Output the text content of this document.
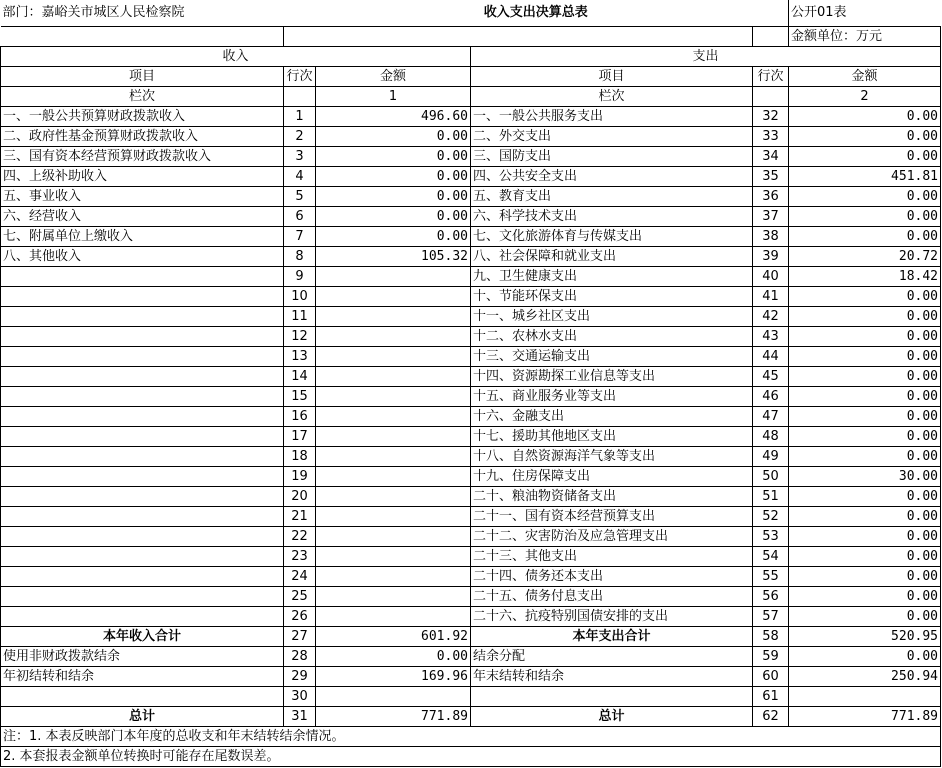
部门：嘉峪关市城区人民检察院	收入支出决算总表				公开01表
					金额单位：万元
收入			支出		
项目	行次	金额	项目	行次	金额
栏次		1	栏次		2
一、一般公共预算财政拨款收入	1	496.60	一、一般公共服务支出	32	0.00
二、政府性基金预算财政拨款收入	2	0.00	二、外交支出	33	0.00
三、国有资本经营预算财政拨款收入	3	0.00	三、国防支出	34	0.00
四、上级补助收入	4	0.00	四、公共安全支出	35	451.81
五、事业收入	5	0.00	五、教育支出	36	0.00
六、经营收入	6	0.00	六、科学技术支出	37	0.00
七、附属单位上缴收入	7	0.00	七、文化旅游体育与传媒支出	38	0.00
八、其他收入	8	105.32	八、社会保障和就业支出	39	20.72
	9		九、卫生健康支出	40	18.42
	10		十、节能环保支出	41	0.00
	11		十一、城乡社区支出	42	0.00
	12		十二、农林水支出	43	0.00
	13		十三、交通运输支出	44	0.00
	14		十四、资源勘探工业信息等支出	45	0.00
	15		十五、商业服务业等支出	46	0.00
	16		十六、金融支出	47	0.00
	17		十七、援助其他地区支出	48	0.00
	18		十八、自然资源海洋气象等支出	49	0.00
	19		十九、住房保障支出	50	30.00
	20		二十、粮油物资储备支出	51	0.00
	21		二十一、国有资本经营预算支出	52	0.00
	22		二十二、灾害防治及应急管理支出	53	0.00
	23		二十三、其他支出	54	0.00
	24		二十四、债务还本支出	55	0.00
	25		二十五、债务付息支出	56	0.00
	26		二十六、抗疫特别国债安排的支出	57	0.00
本年收入合计	27	601.92	本年支出合计	58	520.95
使用非财政拨款结余	28	0.00	结余分配	59	0.00
年初结转和结余	29	169.96	年末结转和结余	60	250.94
	30			61	
总计	31	771.89	总计	62	771.89
注：1. 本表反映部门本年度的总收支和年末结转结余情况。					
2. 本套报表金额单位转换时可能存在尾数误差。					
